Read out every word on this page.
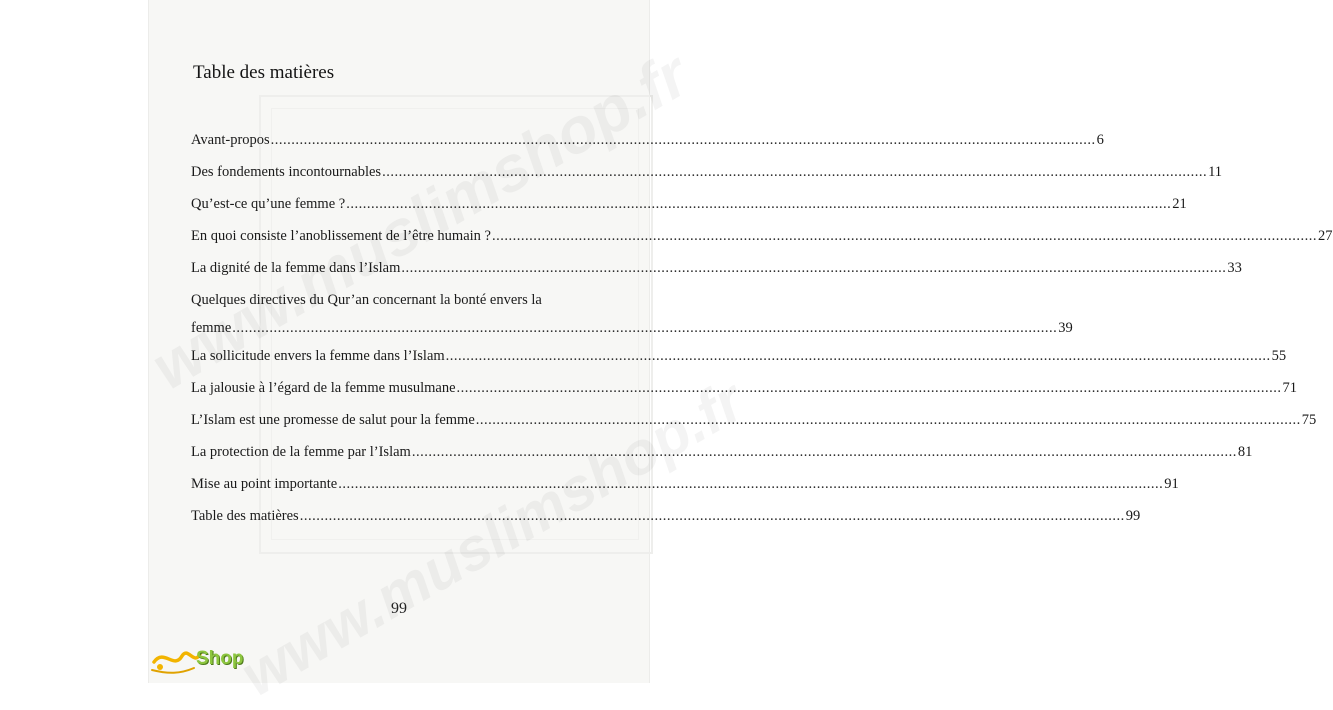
Table des matières
Avant-propos ........................................................................................................................................................................................................ 6
Des fondements incontournables ........................................................................................................................................................................................................ 11
Qu’est-ce qu’une femme ? ........................................................................................................................................................................................................ 21
En quoi consiste l’anoblissement de l’être humain ? ........................................................................................................................................................................................................ 27
La dignité de la femme dans l’Islam ........................................................................................................................................................................................................ 33
Quelques directives du Qur’an concernant la bonté envers la
femme ........................................................................................................................................................................................................ 39
La sollicitude envers la femme dans l’Islam ........................................................................................................................................................................................................ 55
La jalousie à l’égard de la femme musulmane ........................................................................................................................................................................................................ 71
L’Islam est une promesse de salut pour la femme ........................................................................................................................................................................................................ 75
La protection de la femme par l’Islam ........................................................................................................................................................................................................ 81
Mise au point importante ........................................................................................................................................................................................................ 91
Table des matières ........................................................................................................................................................................................................ 99
99
Shop
